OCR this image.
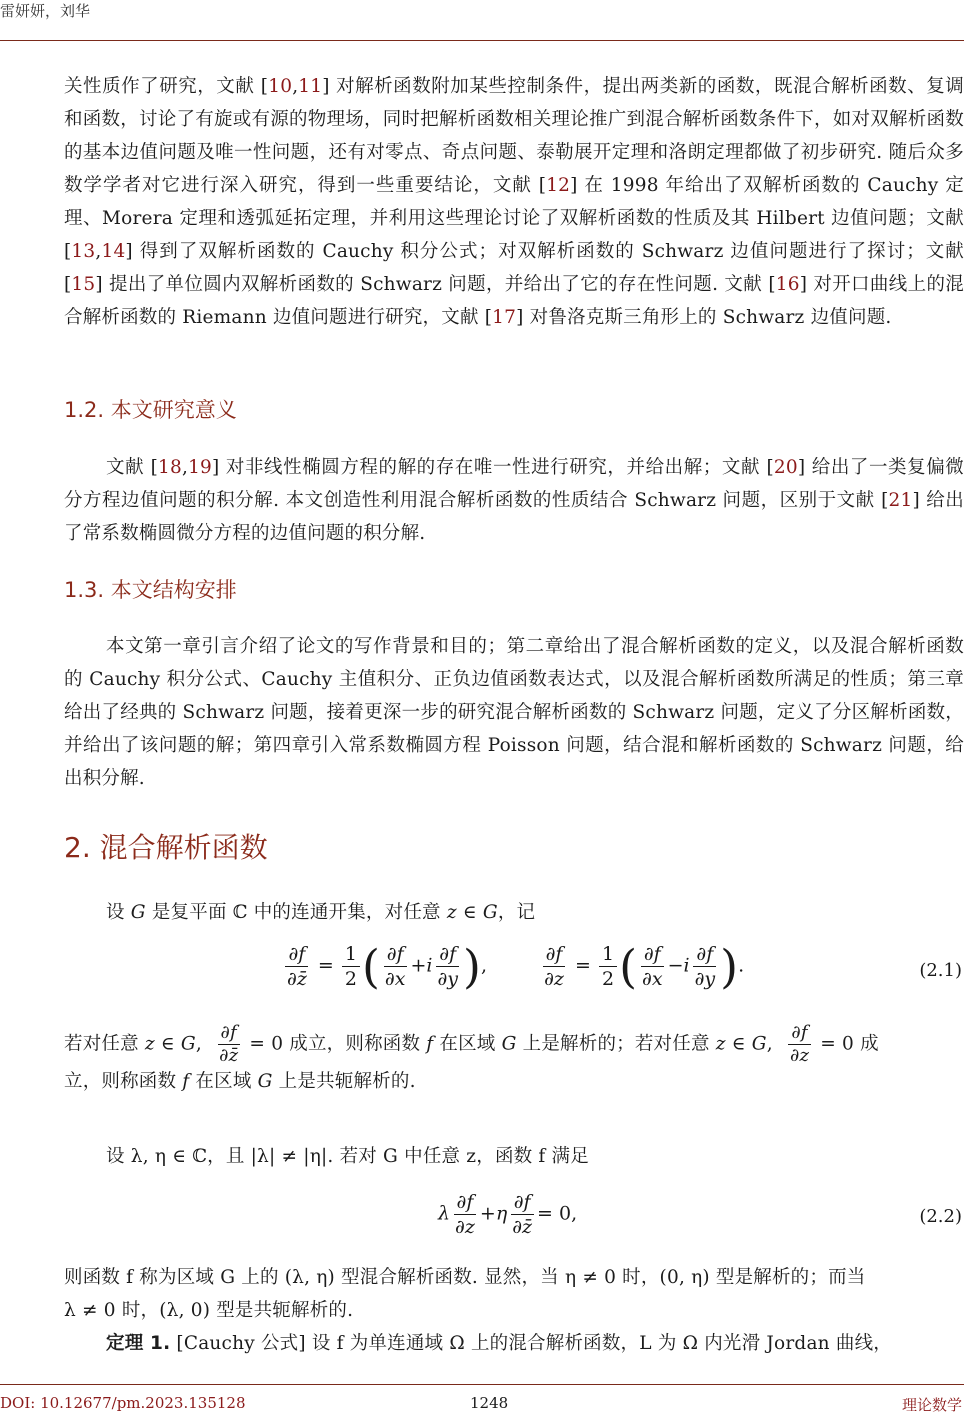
雷妍妍，刘华

关性质作了研究，文献 [10,11] 对解析函数附加某些控制条件，提出两类新的函数，既混合解析函数、复调和函数，讨论了有旋或有源的物理场，同时把解析函数相关理论推广到混合解析函数条件下，如对双解析函数的基本边值问题及唯一性问题，还有对零点、奇点问题、泰勒展开定理和洛朗定理都做了初步研究. 随后众多数学学者对它进行深入研究，得到一些重要结论，文献 [12] 在 1998 年给出了双解析函数的 Cauchy 定理、Morera 定理和透弧延拓定理，并利用这些理论讨论了双解析函数的性质及其 Hilbert 边值问题；文献 [13,14] 得到了双解析函数的 Cauchy 积分公式；对双解析函数的 Schwarz 边值问题进行了探讨；文献 [15] 提出了单位圆内双解析函数的 Schwarz 问题，并给出了它的存在性问题. 文献 [16] 对开口曲线上的混合解析函数的 Riemann 边值问题进行研究，文献 [17] 对鲁洛克斯三角形上的 Schwarz 边值问题.

1.2. 本文研究意义

文献 [18,19] 对非线性椭圆方程的解的存在唯一性进行研究，并给出解；文献 [20] 给出了一类复偏微分方程边值问题的积分解. 本文创造性利用混合解析函数的性质结合 Schwarz 问题，区别于文献 [21] 给出了常系数椭圆微分方程的边值问题的积分解.

1.3. 本文结构安排

本文第一章引言介绍了论文的写作背景和目的；第二章给出了混合解析函数的定义，以及混合解析函数的 Cauchy 积分公式、Cauchy 主值积分、正负边值函数表达式，以及混合解析函数所满足的性质；第三章给出了经典的 Schwarz 问题，接着更深一步的研究混合解析函数的 Schwarz 问题，定义了分区解析函数，并给出了该问题的解；第四章引入常系数椭圆方程 Poisson 问题，结合混和解析函数的 Schwarz 问题，给出积分解.

2. 混合解析函数

设 G 是复平面 ℂ 中的连通开集，对任意 z ∈ G，记

$\frac{\partial f}{\partial z̄} = \frac{1}{2}$ ( $\frac{\partial f}{\partial x} +i \frac{\partial f}{\partial y}$ ),	$\frac{\partial f}{\partial z} = \frac{1}{2}$ ( $\frac{\partial f}{\partial x} -i \frac{\partial f}{\partial y}$ ).	(2.1)

若对任意 z ∈ G, $\frac{\partial f}{\partial z̄} = 0$ 成立，则称函数 f 在区域 G 上是解析的；若对任意 z ∈ G, $\frac{\partial f}{\partial z} = 0$ 成
立，则称函数 f 在区域 G 上是共轭解析的.

设 λ, η ∈ ℂ，且 |λ| ≠ |η|. 若对 G 中任意 z，函数 f 满足

λ $\frac{\partial f}{\partial z} +\eta \frac{\partial f}{\partial z̄} = 0$,	(2.2)

则函数 f 称为区域 G 上的 (λ, η) 型混合解析函数. 显然，当 η ≠ 0 时，(0, η) 型是解析的；而当
λ ≠ 0 时，(λ, 0) 型是共轭解析的.

定理 1. [Cauchy 公式] 设 f 为单连通域 Ω 上的混合解析函数，L 为 Ω 内光滑 Jordan 曲线，

DOI: 10.12677/pm.2023.135128	1248	理论数学
